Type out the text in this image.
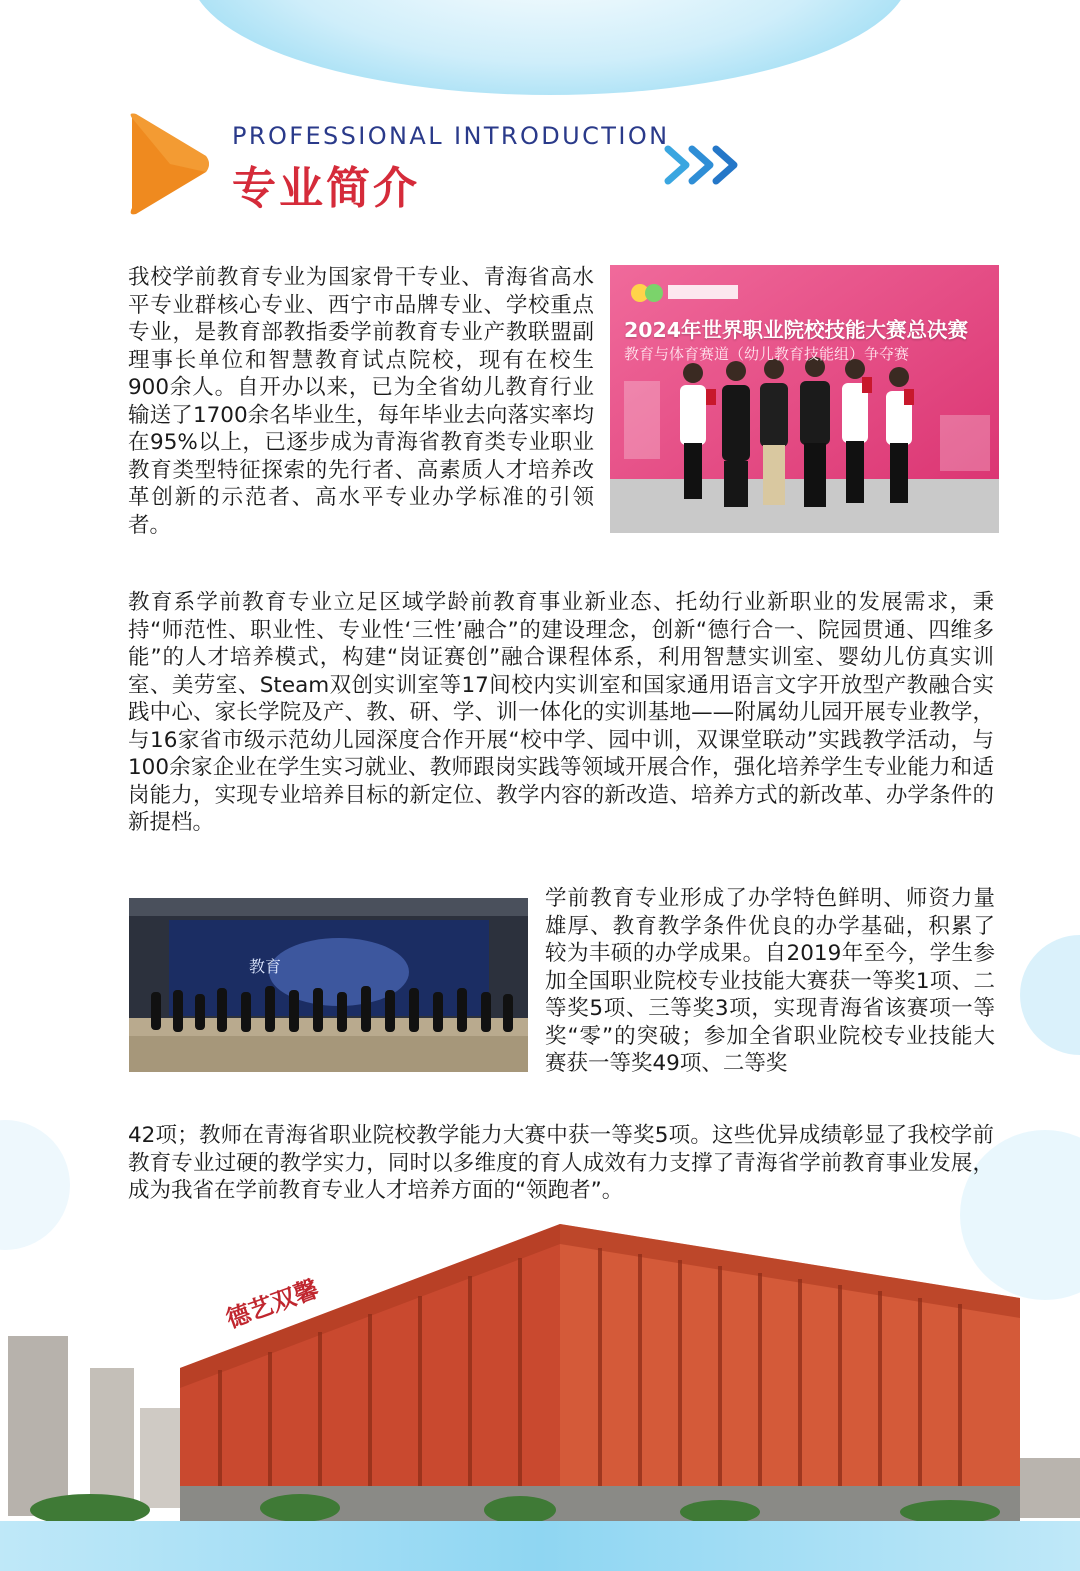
PROFESSIONAL INTRODUCTION
专业简介
2024年世界职业院校技能大赛总决赛
教育与体育赛道（幼儿教育技能组）争夺赛
教育

我校学前教育专业为国家骨干专业、青海省高水平专业群核心专业、西宁市品牌专业、学校重点专业，是教育部教指委学前教育专业产教联盟副理事长单位和智慧教育试点院校，现有在校生900余人。自开办以来，已为全省幼儿教育行业输送了1700余名毕业生，每年毕业去向落实率均在95%以上，已逐步成为青海省教育类专业职业教育类型特征探索的先行者、高素质人才培养改革创新的示范者、高水平专业办学标准的引领者。

教育系学前教育专业立足区域学龄前教育事业新业态、托幼行业新职业的发展需求，秉持“师范性、职业性、专业性‘三性’融合”的建设理念，创新“德行合一、院园贯通、四维多能”的人才培养模式，构建“岗证赛创”融合课程体系，利用智慧实训室、婴幼儿仿真实训室、美劳室、Steam双创实训室等17间校内实训室和国家通用语言文字开放型产教融合实践中心、家长学院及产、教、研、学、训一体化的实训基地——附属幼儿园开展专业教学，与16家省市级示范幼儿园深度合作开展“校中学、园中训，双课堂联动”实践教学活动，与100余家企业在学生实习就业、教师跟岗实践等领域开展合作，强化培养学生专业能力和适岗能力，实现专业培养目标的新定位、教学内容的新改造、培养方式的新改革、办学条件的新提档。

学前教育专业形成了办学特色鲜明、师资力量雄厚、教育教学条件优良的办学基础，积累了较为丰硕的办学成果。自2019年至今，学生参加全国职业院校专业技能大赛获一等奖1项、二等奖5项、三等奖3项，实现青海省该赛项一等奖“零”的突破；参加全省职业院校专业技能大赛获一等奖49项、二等奖

42项；教师在青海省职业院校教学能力大赛中获一等奖5项。这些优异成绩彰显了我校学前教育专业过硬的教学实力，同时以多维度的育人成效有力支撑了青海省学前教育事业发展，成为我省在学前教育专业人才培养方面的“领跑者”。

德艺双馨
